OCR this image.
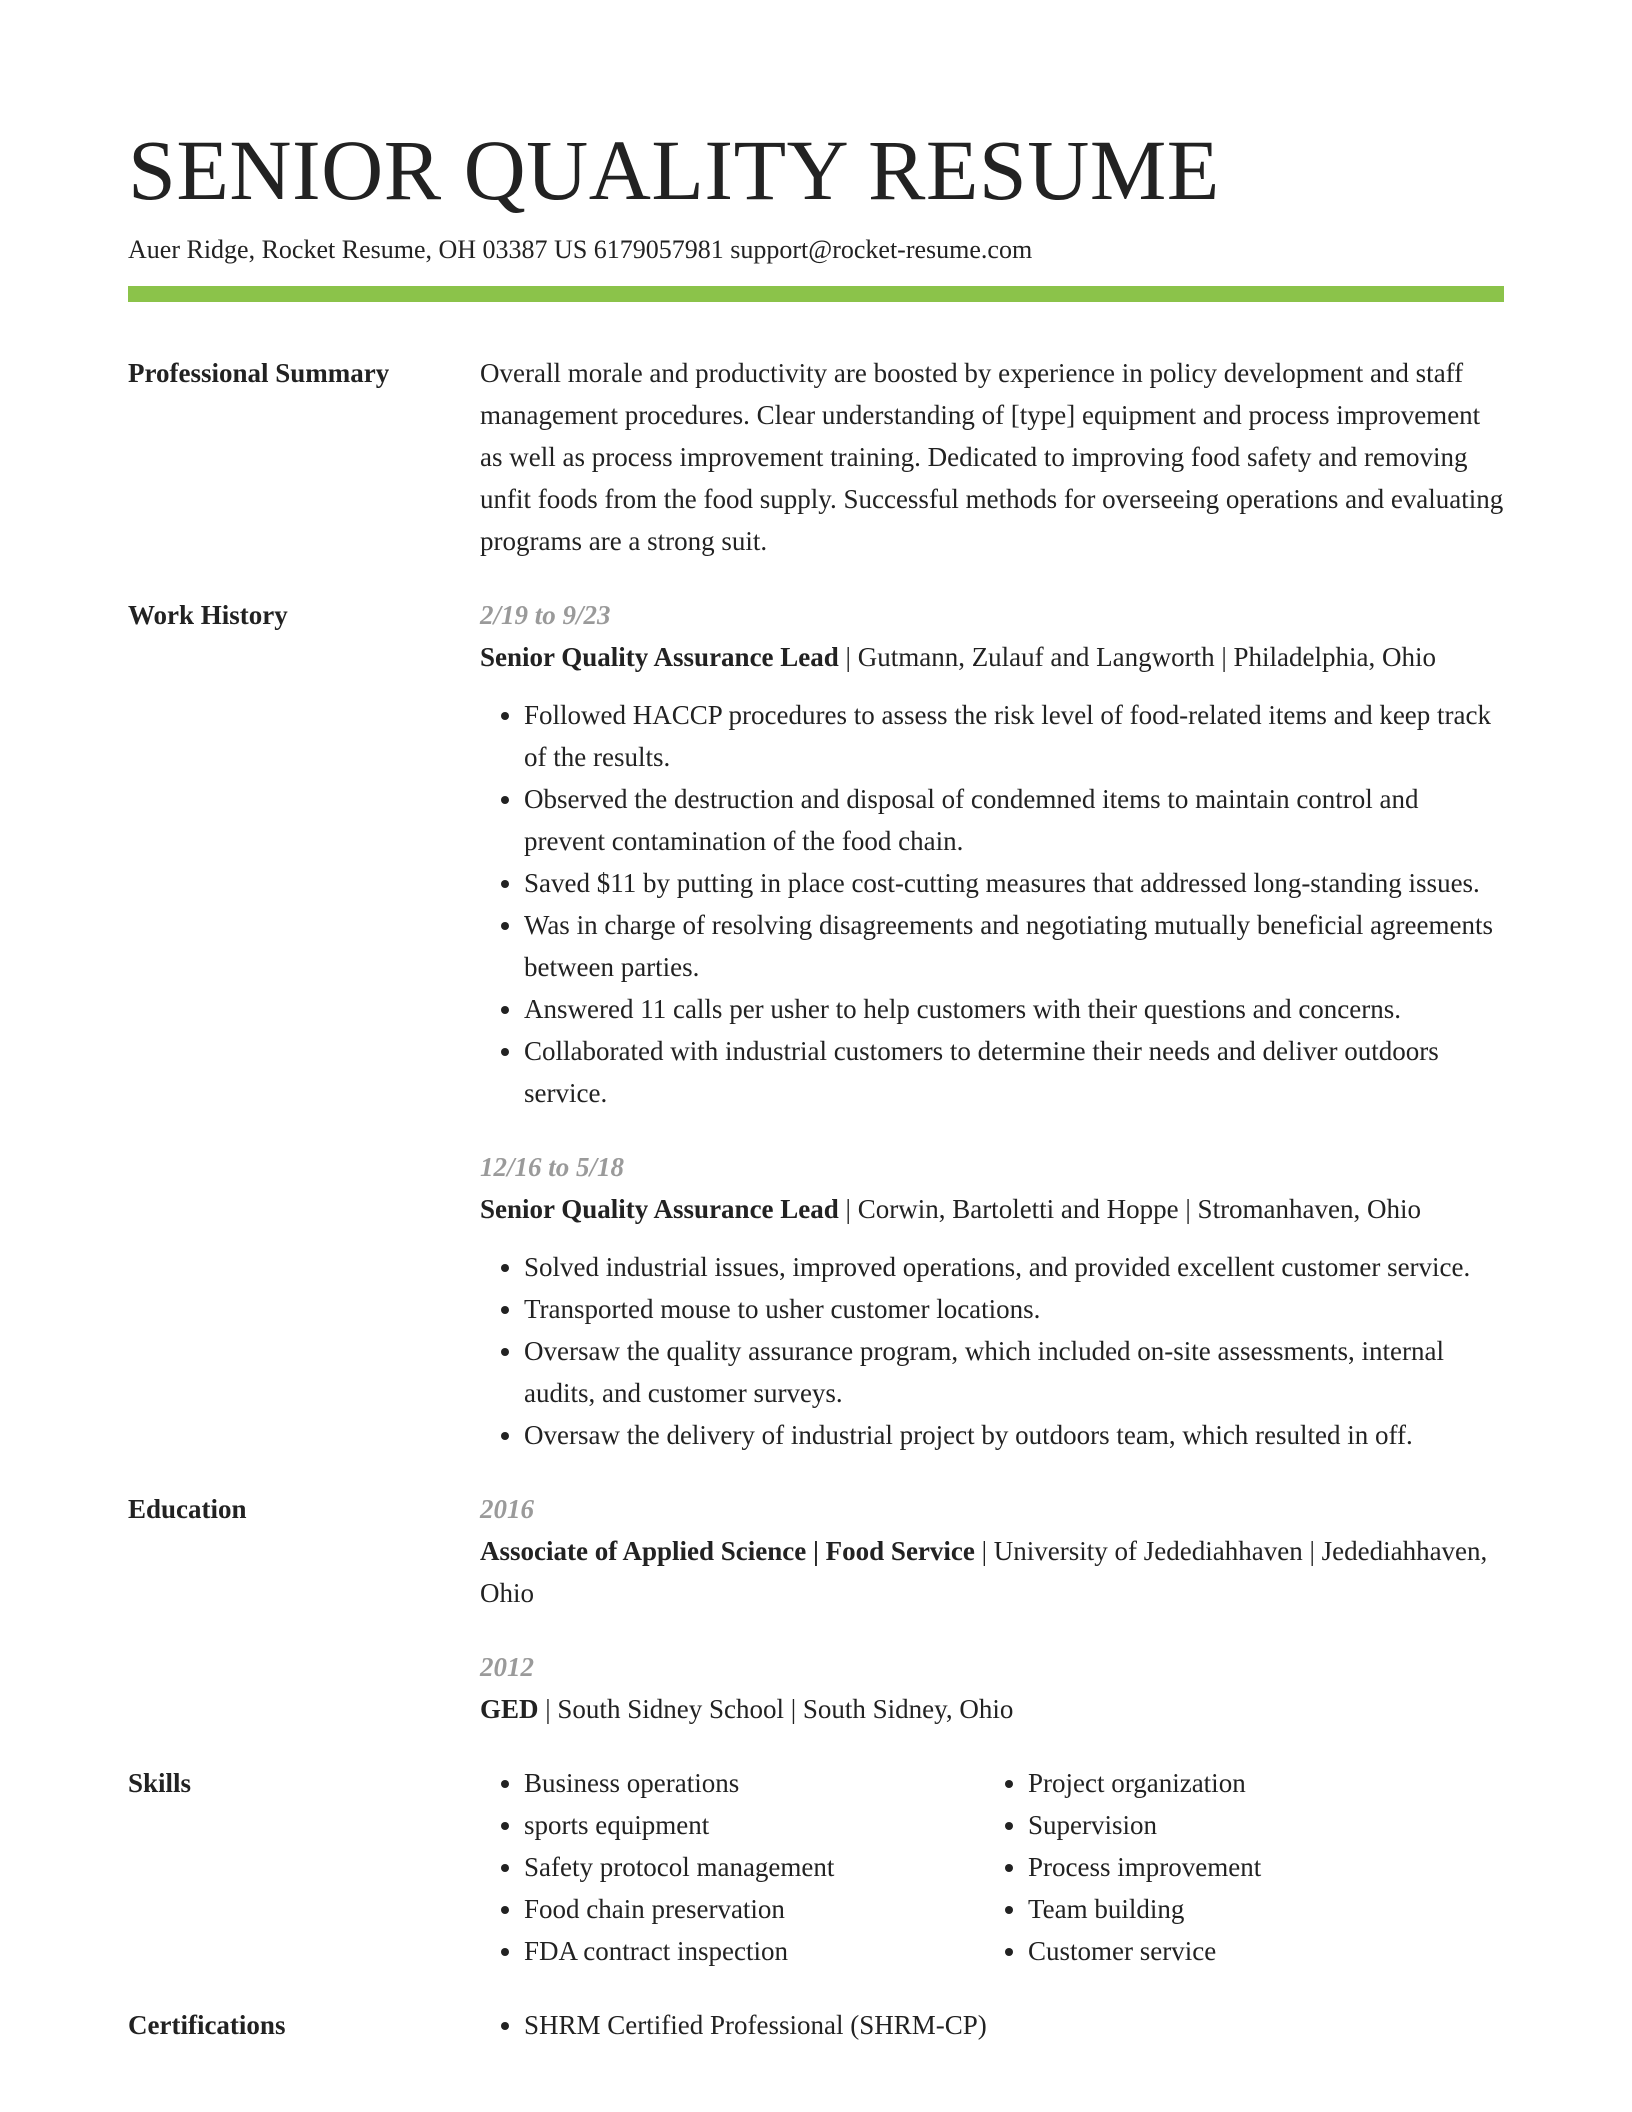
SENIOR QUALITY RESUME
Auer Ridge, Rocket Resume, OH 03387 US 6179057981 support@rocket-resume.com
Professional Summary	Overall morale and productivity are boosted by experience in policy development and staff management procedures. Clear understanding of [type] equipment and process improvement as well as process improvement training. Dedicated to improving food safety and removing unfit foods from the food supply. Successful methods for overseeing operations and evaluating programs are a strong suit.

Work History	2/19 to 9/23
Senior Quality Assurance Lead | Gutmann, Zulauf and Langworth | Philadelphia, Ohio
• Followed HACCP procedures to assess the risk level of food-related items and keep track of the results.
• Observed the destruction and disposal of condemned items to maintain control and prevent contamination of the food chain.
• Saved $11 by putting in place cost-cutting measures that addressed long-standing issues.
• Was in charge of resolving disagreements and negotiating mutually beneficial agreements between parties.
• Answered 11 calls per usher to help customers with their questions and concerns.
• Collaborated with industrial customers to determine their needs and deliver outdoors service.
12/16 to 5/18
Senior Quality Assurance Lead | Corwin, Bartoletti and Hoppe | Stromanhaven, Ohio
• Solved industrial issues, improved operations, and provided excellent customer service.
• Transported mouse to usher customer locations.
• Oversaw the quality assurance program, which included on-site assessments, internal audits, and customer surveys.
• Oversaw the delivery of industrial project by outdoors team, which resulted in off.
Education	2016
Associate of Applied Science | Food Service | University of Jedediahhaven | Jedediahhaven, Ohio
2012
GED | South Sidney School | South Sidney, Ohio
Skills	• Business operations
• sports equipment
• Safety protocol management
• Food chain preservation
• FDA contract inspection
• Project organization
• Supervision
• Process improvement
• Team building
• Customer service
Certifications	• SHRM Certified Professional (SHRM-CP)
